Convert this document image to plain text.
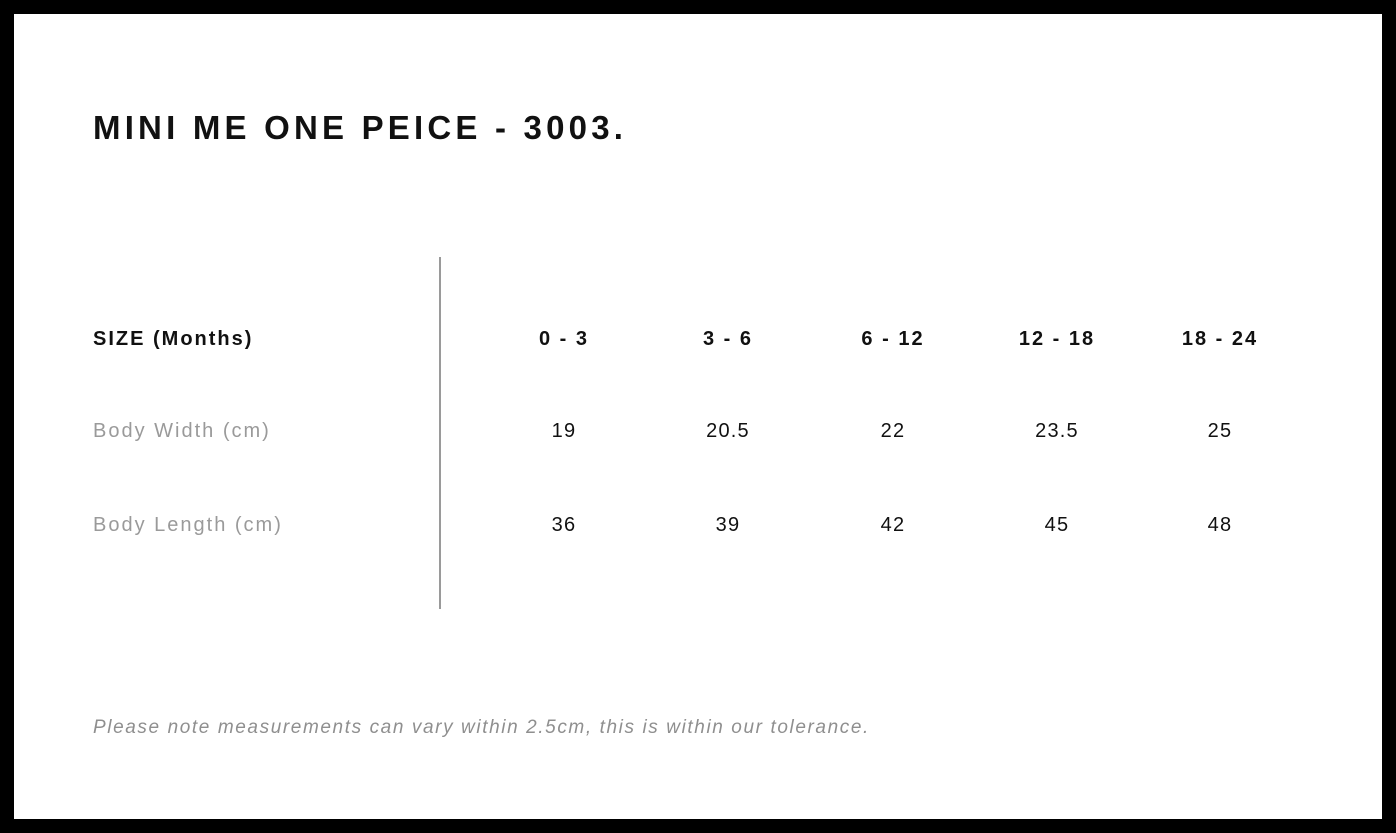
MINI ME ONE PEICE - 3003.
SIZE (Months)	0 - 3	3 - 6	6 - 12	12 - 18	18 - 24
Body Width (cm)	19	20.5	22	23.5	25
Body Length (cm)	36	39	42	45	48
Please note measurements can vary within 2.5cm, this is within our tolerance.
